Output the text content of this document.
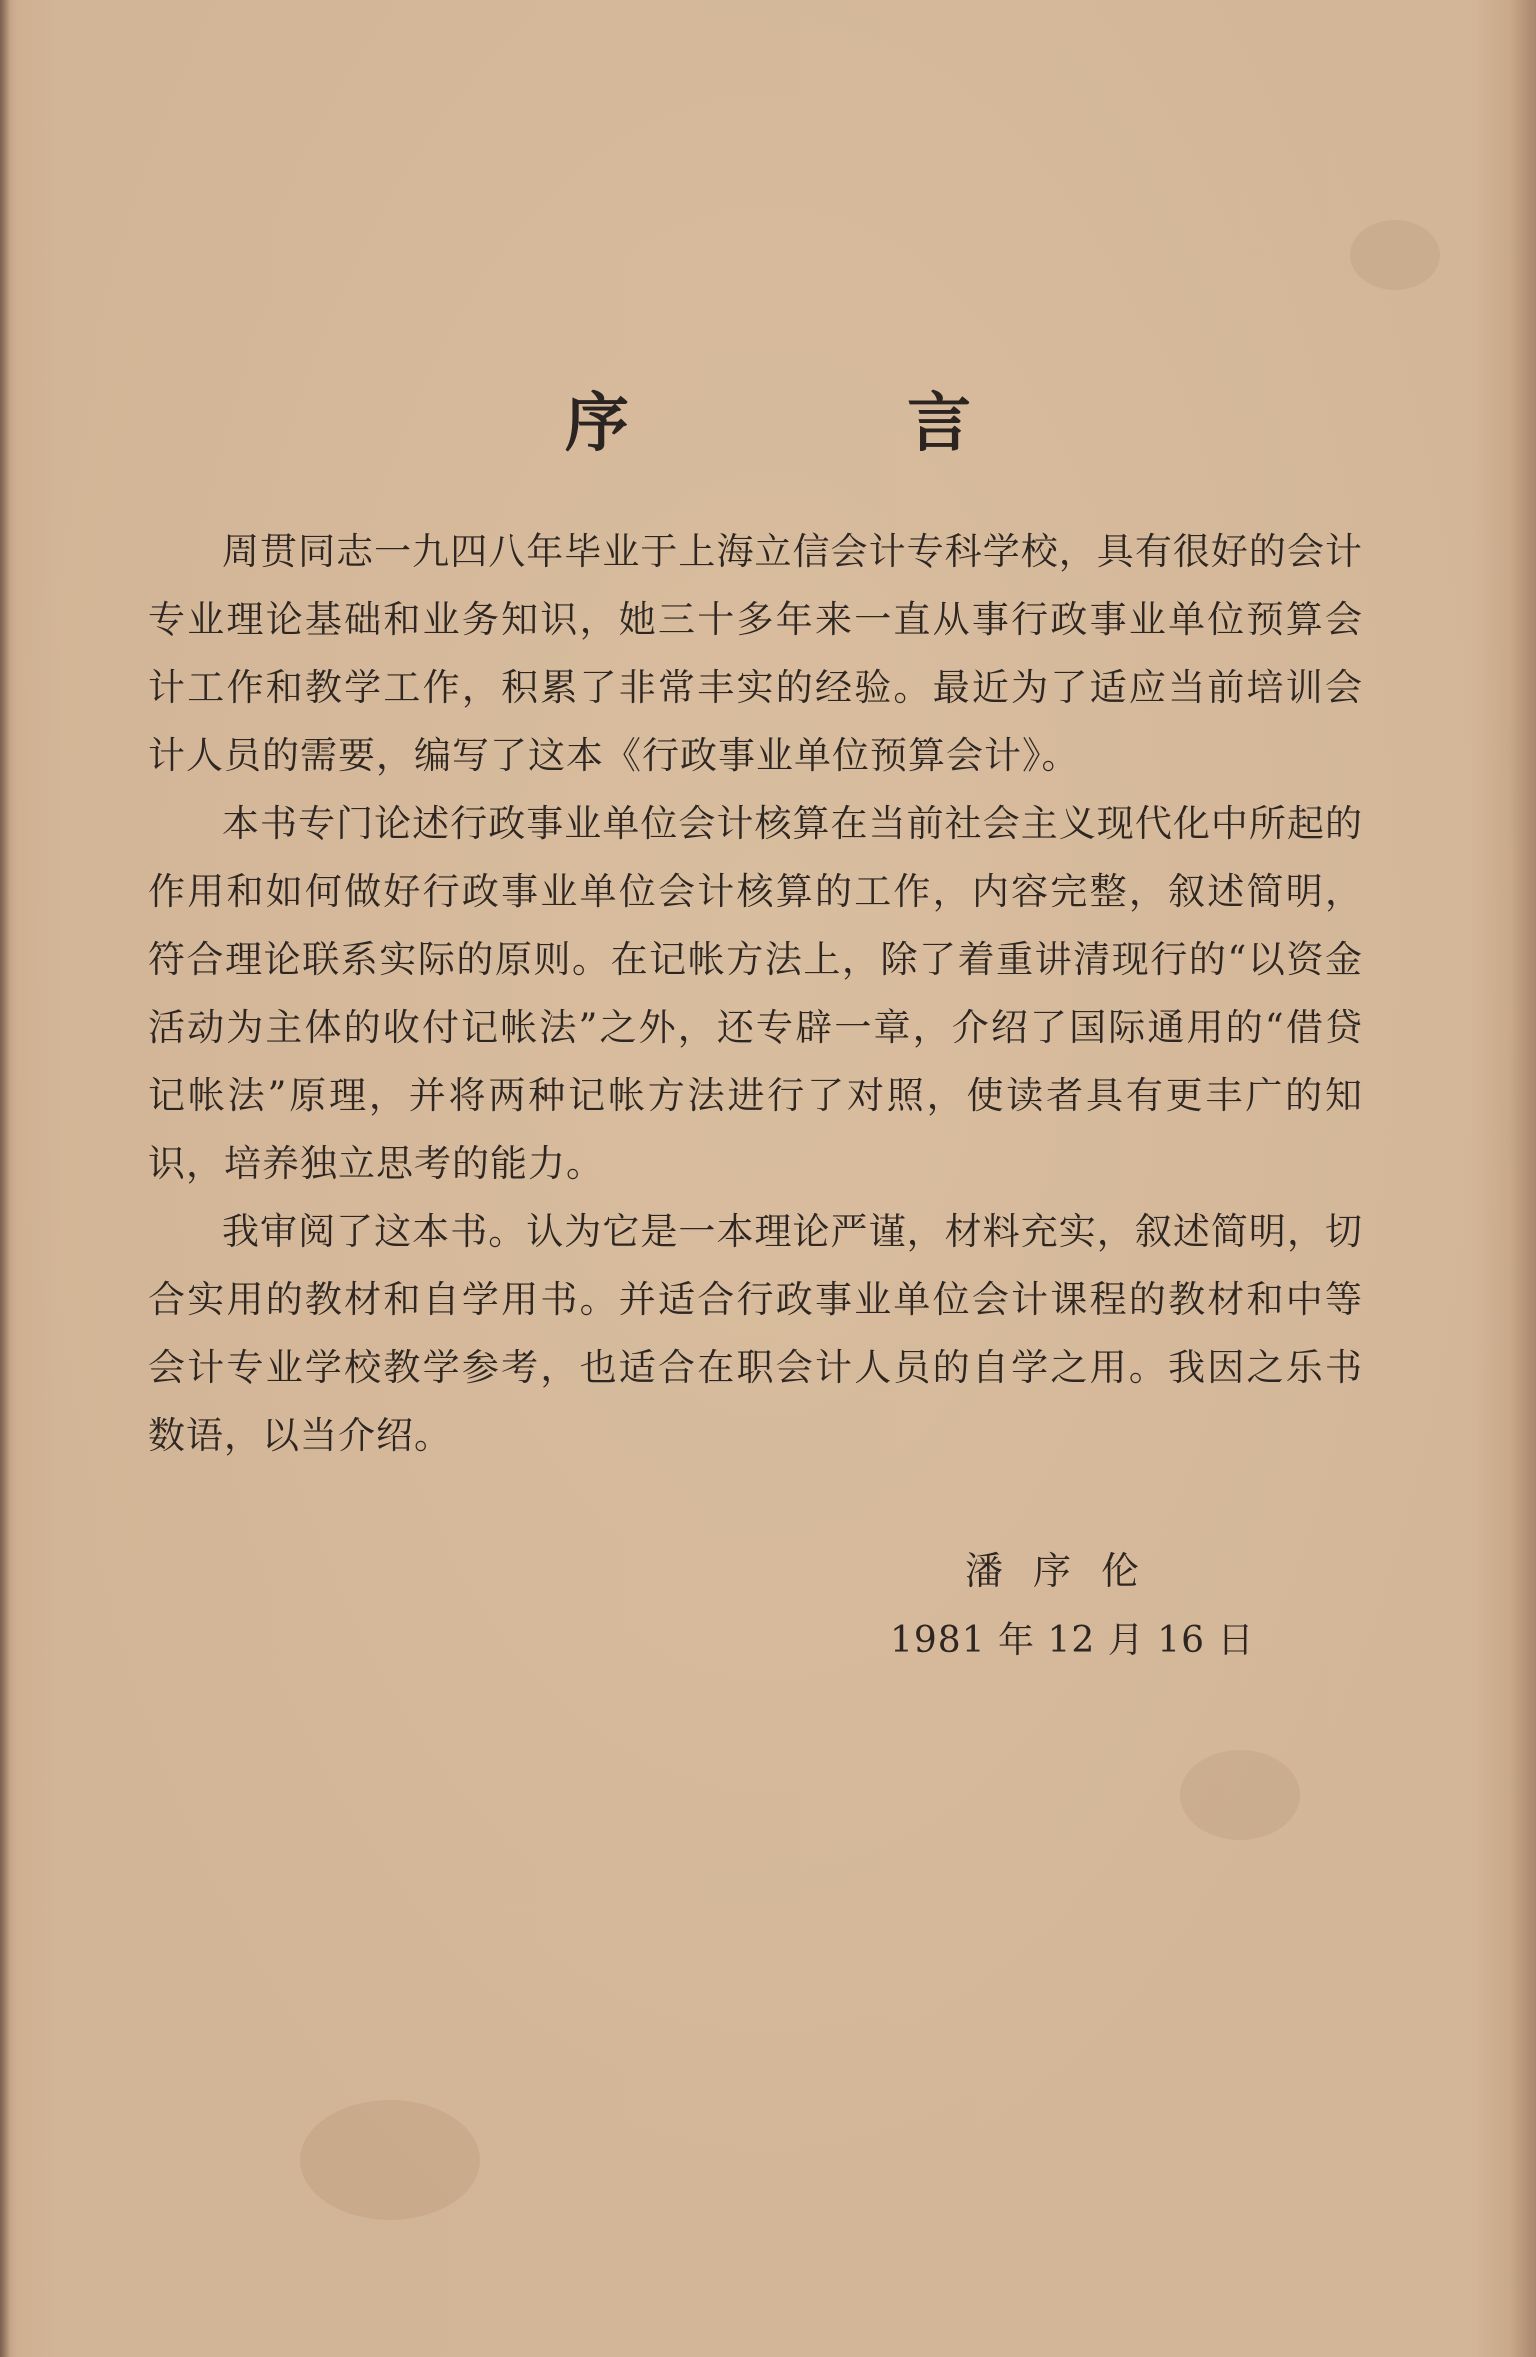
序 言

周贯同志一九四八年毕业于上海立信会计专科学校，具有很好的会计专业理论基础和业务知识，她三十多年来一直从事行政事业单位预算会计工作和教学工作，积累了非常丰实的经验。最近为了适应当前培训会计人员的需要，编写了这本《行政事业单位预算会计》。

本书专门论述行政事业单位会计核算在当前社会主义现代化中所起的作用和如何做好行政事业单位会计核算的工作，内容完整，叙述简明，符合理论联系实际的原则。在记帐方法上，除了着重讲清现行的“以资金活动为主体的收付记帐法”之外，还专辟一章，介绍了国际通用的“借贷记帐法”原理，并将两种记帐方法进行了对照，使读者具有更丰广的知识，培养独立思考的能力。

我审阅了这本书。认为它是一本理论严谨，材料充实，叙述简明，切合实用的教材和自学用书。并适合行政事业单位会计课程的教材和中等会计专业学校教学参考，也适合在职会计人员的自学之用。我因之乐书数语，以当介绍。

潘序伦
1981 年 12 月 16 日
